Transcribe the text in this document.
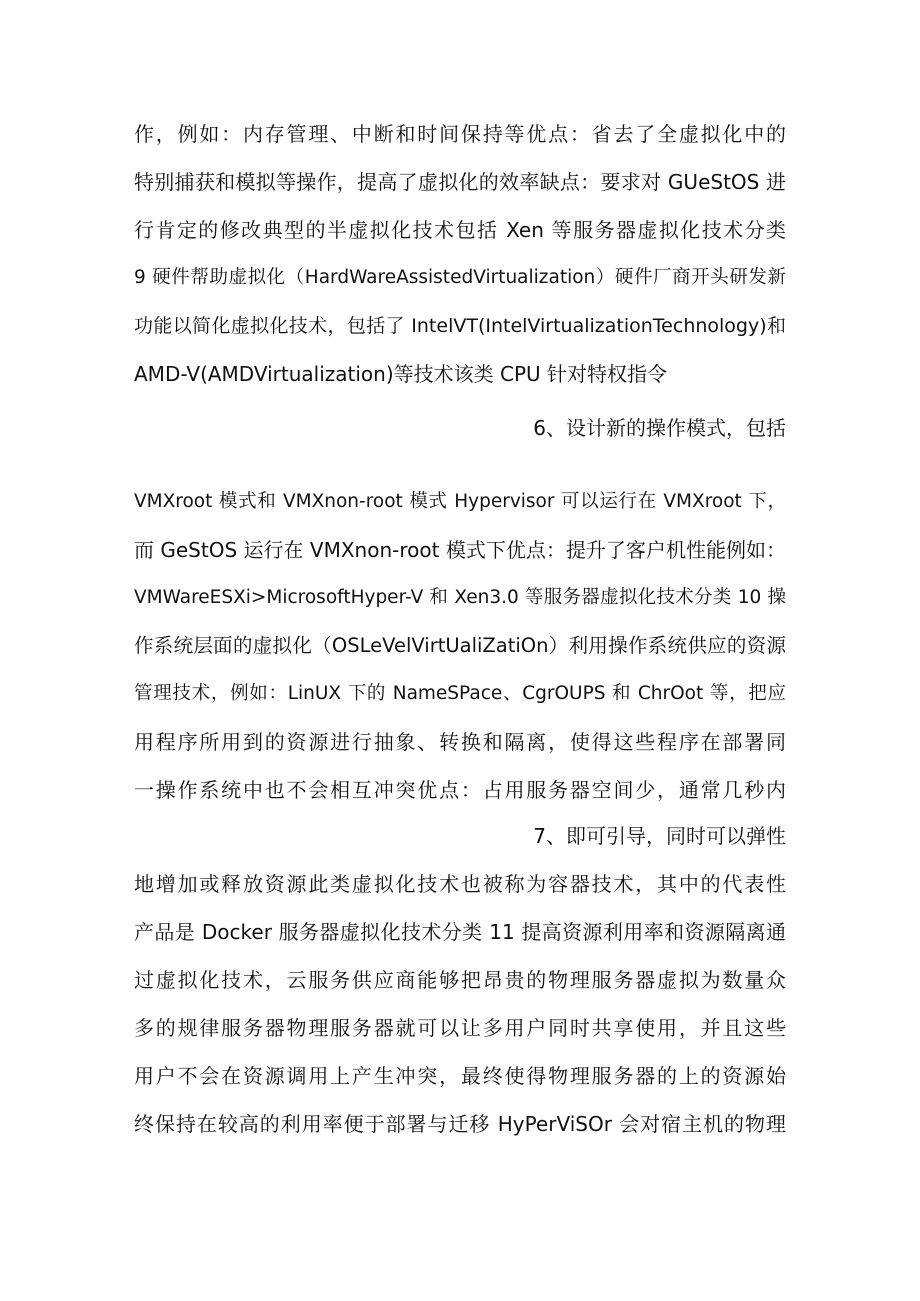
作，例如：内存管理、中断和时间保持等优点：省去了全虚拟化中的
特别捕获和模拟等操作，提高了虚拟化的效率缺点：要求对 GUeStOS 进
行肯定的修改典型的半虚拟化技术包括 Xen 等服务器虚拟化技术分类
9 硬件帮助虚拟化（HardWareAssistedVirtualization）硬件厂商开头研发新
功能以简化虚拟化技术，包括了 IntelVT(IntelVirtualizationTechnology)和
AMD-V(AMDVirtualization)等技术该类 CPU 针对特权指令
6、设计新的操作模式，包括
VMXroot 模式和 VMXnon-root 模式 Hypervisor 可以运行在 VMXroot 下，
而 GeStOS 运行在 VMXnon-root 模式下优点：提升了客户机性能例如：
VMWareESXi>MicrosoftHyper-V 和 Xen3.0 等服务器虚拟化技术分类 10 操
作系统层面的虚拟化（OSLeVelVirtUaliZatiOn）利用操作系统供应的资源
管理技术，例如：LinUX 下的 NameSPace、CgrOUPS 和 ChrOot 等，把应
用程序所用到的资源进行抽象、转换和隔离，使得这些程序在部署同
一操作系统中也不会相互冲突优点：占用服务器空间少，通常几秒内
7、即可引导，同时可以弹性
地增加或释放资源此类虚拟化技术也被称为容器技术，其中的代表性
产品是 Docker 服务器虚拟化技术分类 11 提高资源利用率和资源隔离通
过虚拟化技术，云服务供应商能够把昂贵的物理服务器虚拟为数量众
多的规律服务器物理服务器就可以让多用户同时共享使用，并且这些
用户不会在资源调用上产生冲突，最终使得物理服务器的上的资源始
终保持在较高的利用率便于部署与迁移 HyPerViSOr 会对宿主机的物理
